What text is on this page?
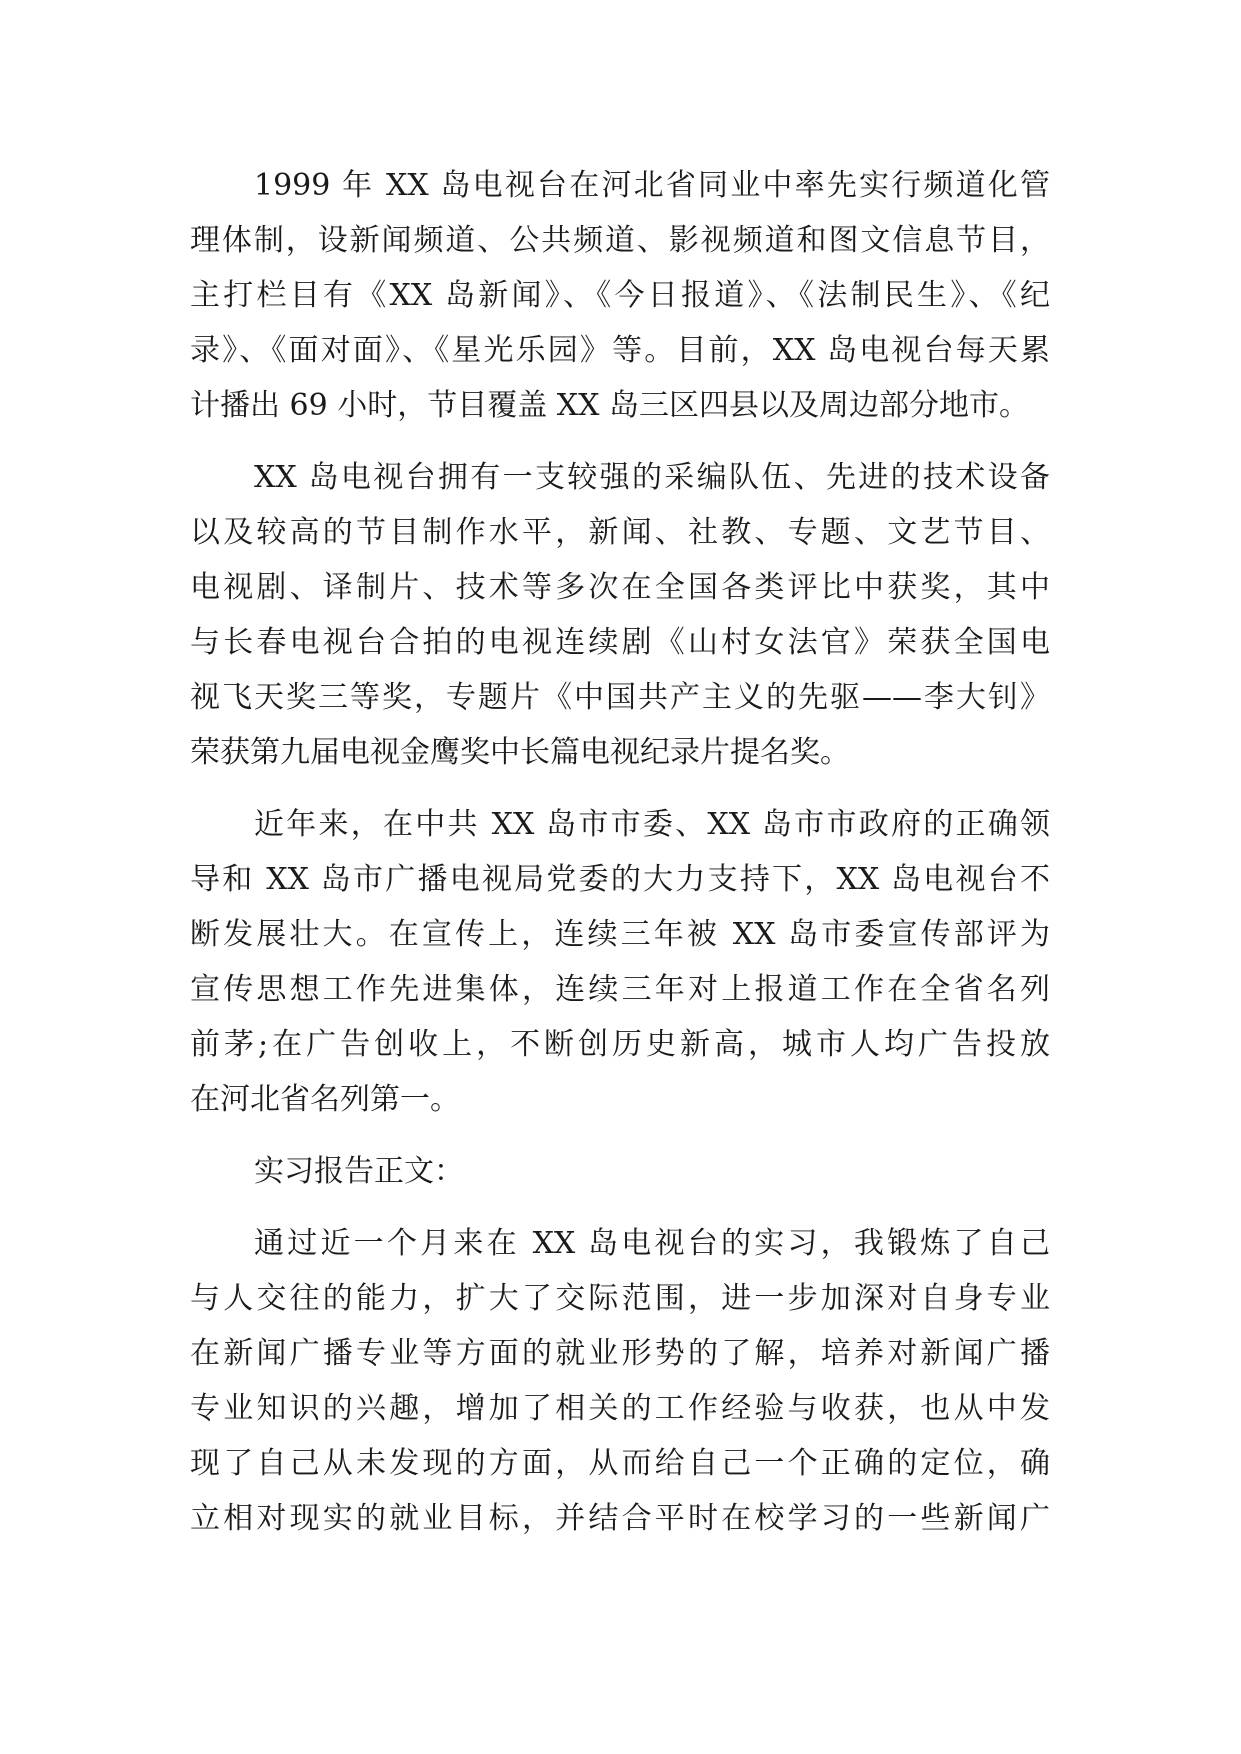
1999 年 XX 岛电视台在河北省同业中率先实行频道化管
理体制，设新闻频道、公共频道、影视频道和图文信息节目，
主打栏目有《XX 岛新闻》、《今日报道》、《法制民生》、《纪
录》、《面对面》、《星光乐园》等。目前，XX 岛电视台每天累
计播出 69 小时，节目覆盖 XX 岛三区四县以及周边部分地市。
XX 岛电视台拥有一支较强的采编队伍、先进的技术设备
以及较高的节目制作水平，新闻、社教、专题、文艺节目、
电视剧、译制片、技术等多次在全国各类评比中获奖，其中
与长春电视台合拍的电视连续剧《山村女法官》荣获全国电
视飞天奖三等奖，专题片《中国共产主义的先驱——李大钊》
荣获第九届电视金鹰奖中长篇电视纪录片提名奖。
近年来，在中共 XX 岛市市委、XX 岛市市政府的正确领
导和 XX 岛市广播电视局党委的大力支持下，XX 岛电视台不
断发展壮大。在宣传上，连续三年被 XX 岛市委宣传部评为
宣传思想工作先进集体，连续三年对上报道工作在全省名列
前茅;在广告创收上，不断创历史新高，城市人均广告投放
在河北省名列第一。
实习报告正文：
通过近一个月来在 XX 岛电视台的实习，我锻炼了自己
与人交往的能力，扩大了交际范围，进一步加深对自身专业
在新闻广播专业等方面的就业形势的了解，培养对新闻广播
专业知识的兴趣，增加了相关的工作经验与收获，也从中发
现了自己从未发现的方面，从而给自己一个正确的定位，确
立相对现实的就业目标，并结合平时在校学习的一些新闻广
